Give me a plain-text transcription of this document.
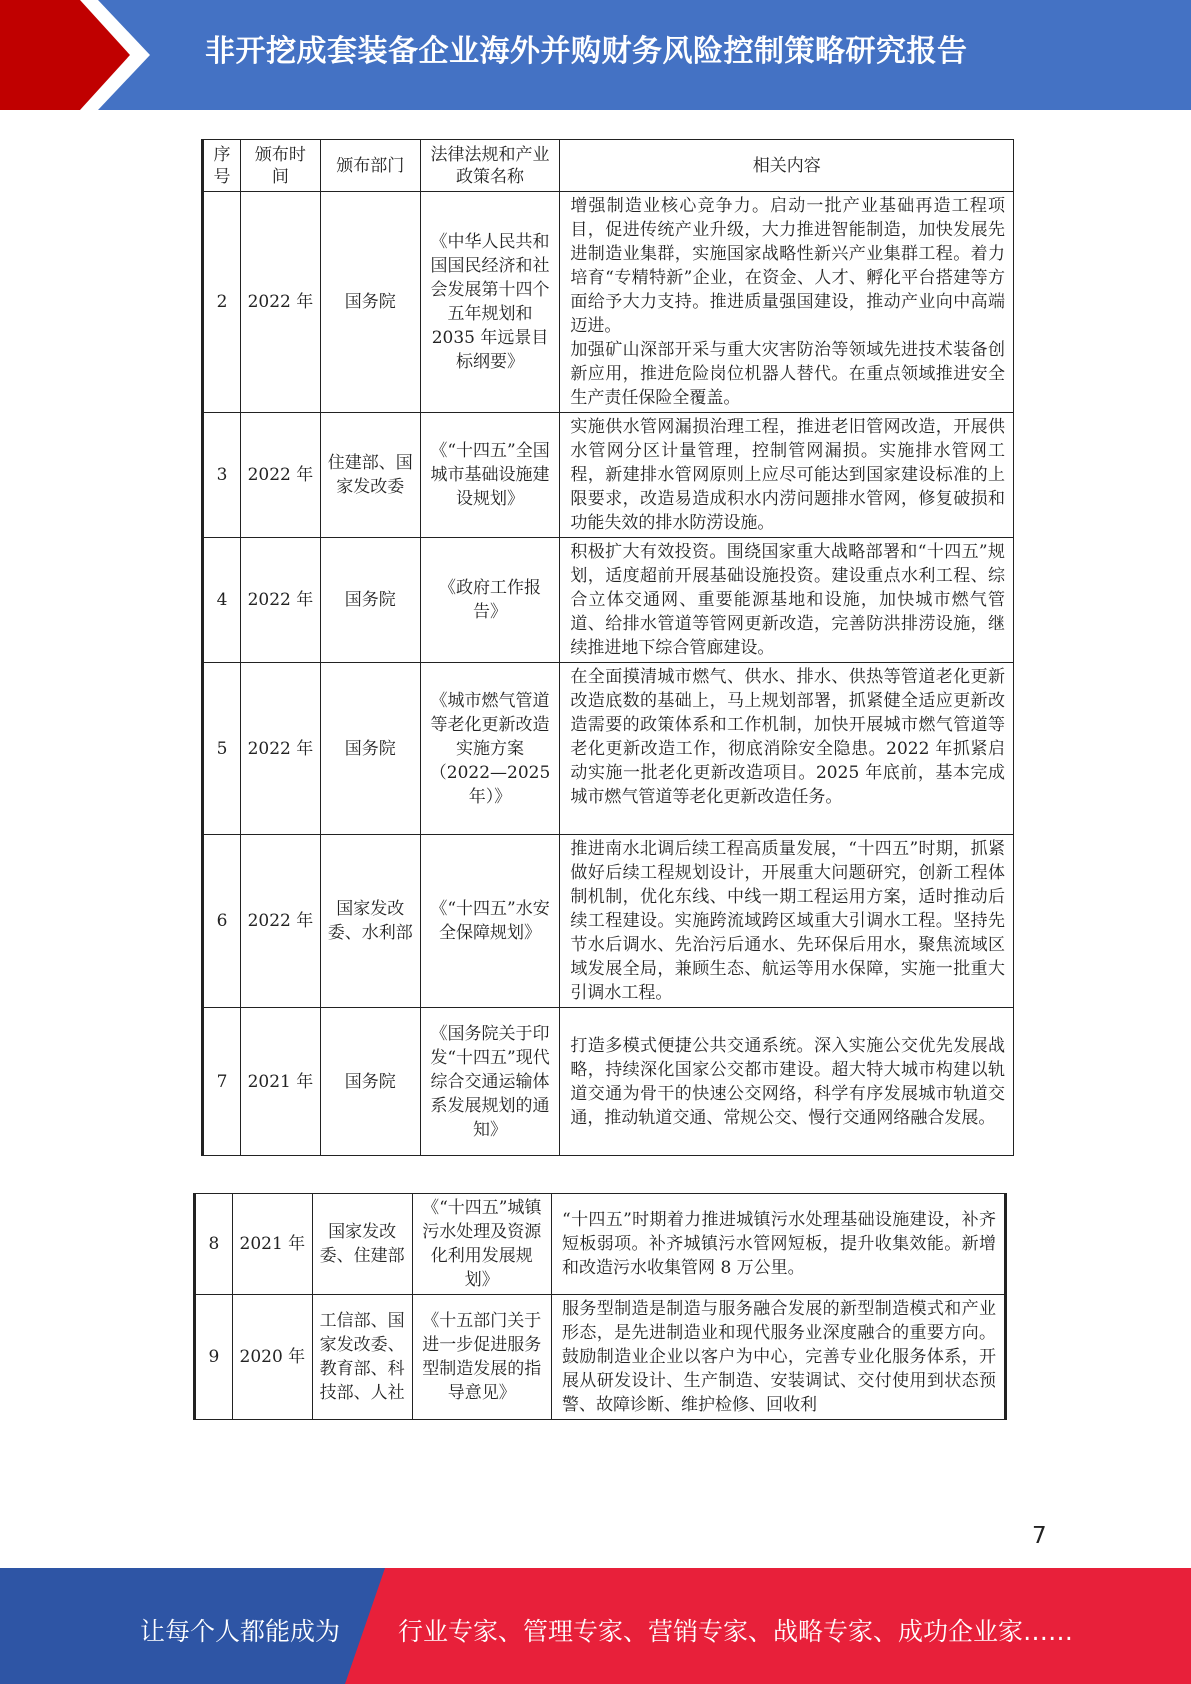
非开挖成套装备企业海外并购财务风险控制策略研究报告
序号	颁布时间	颁布部门	法律法规和产业政策名称	相关内容
2	2022 年	国务院	《中华人民共和国国民经济和社会发展第十四个五年规划和 2035 年远景目标纲要》	增强制造业核心竞争力。启动一批产业基础再造工程项目，促进传统产业升级，大力推进智能制造，加快发展先进制造业集群，实施国家战略性新兴产业集群工程。着力培育“专精特新”企业，在资金、人才、孵化平台搭建等方面给予大力支持。推进质量强国建设，推动产业向中高端迈进。
加强矿山深部开采与重大灾害防治等领域先进技术装备创新应用，推进危险岗位机器人替代。在重点领域推进安全生产责任保险全覆盖。
3	2022 年	住建部、国家发改委	《“十四五”全国城市基础设施建设规划》	实施供水管网漏损治理工程，推进老旧管网改造，开展供水管网分区计量管理，控制管网漏损。实施排水管网工程，新建排水管网原则上应尽可能达到国家建设标准的上限要求，改造易造成积水内涝问题排水管网，修复破损和功能失效的排水防涝设施。
4	2022 年	国务院	《政府工作报告》	积极扩大有效投资。围绕国家重大战略部署和“十四五”规划，适度超前开展基础设施投资。建设重点水利工程、综合立体交通网、重要能源基地和设施，加快城市燃气管道、给排水管道等管网更新改造，完善防洪排涝设施，继续推进地下综合管廊建设。
5	2022 年	国务院	《城市燃气管道等老化更新改造实施方案（2022—2025 年）》	在全面摸清城市燃气、供水、排水、供热等管道老化更新改造底数的基础上，马上规划部署，抓紧健全适应更新改造需要的政策体系和工作机制，加快开展城市燃气管道等老化更新改造工作，彻底消除安全隐患。2022 年抓紧启动实施一批老化更新改造项目。2025 年底前，基本完成城市燃气管道等老化更新改造任务。
6	2022 年	国家发改委、水利部	《“十四五”水安全保障规划》	推进南水北调后续工程高质量发展，“十四五”时期，抓紧做好后续工程规划设计，开展重大问题研究，创新工程体制机制，优化东线、中线一期工程运用方案，适时推动后续工程建设。实施跨流域跨区域重大引调水工程。坚持先节水后调水、先治污后通水、先环保后用水，聚焦流域区域发展全局，兼顾生态、航运等用水保障，实施一批重大引调水工程。
7	2021 年	国务院	《国务院关于印发“十四五”现代综合交通运输体系发展规划的通知》	打造多模式便捷公共交通系统。深入实施公交优先发展战略，持续深化国家公交都市建设。超大特大城市构建以轨道交通为骨干的快速公交网络，科学有序发展城市轨道交通，推动轨道交通、常规公交、慢行交通网络融合发展。
8	2021 年	国家发改委、住建部	《“十四五”城镇污水处理及资源化利用发展规划》	“十四五”时期着力推进城镇污水处理基础设施建设，补齐短板弱项。补齐城镇污水管网短板，提升收集效能。新增和改造污水收集管网 8 万公里。
9	2020 年	工信部、国家发改委、教育部、科技部、人社	《十五部门关于进一步促进服务型制造发展的指导意见》	服务型制造是制造与服务融合发展的新型制造模式和产业形态，是先进制造业和现代服务业深度融合的重要方向。鼓励制造业企业以客户为中心，完善专业化服务体系，开展从研发设计、生产制造、安装调试、交付使用到状态预警、故障诊断、维护检修、回收利
7
让每个人都能成为 行业专家、管理专家、营销专家、战略专家、成功企业家……
